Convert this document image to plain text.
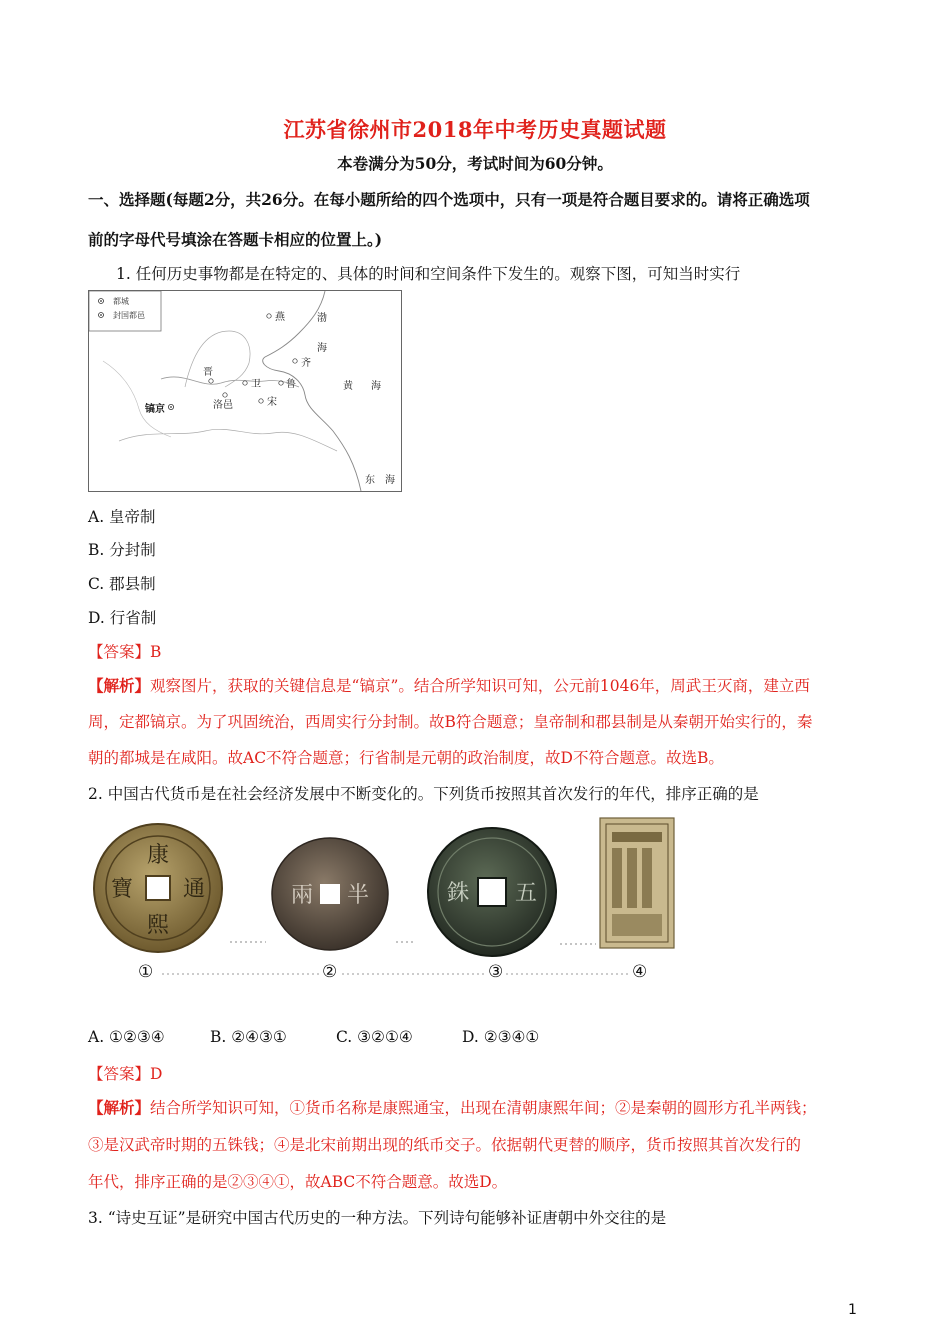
江苏省徐州市2018年中考历史真题试题
本卷满分为50分，考试时间为60分钟。
一、选择题(每题2分，共26分。在每小题所给的四个选项中，只有一项是符合题目要求的。请将正确选项
前的字母代号填涂在答题卡相应的位置上。)
1. 任何历史事物都是在特定的、具体的时间和空间条件下发生的。观察下图，可知当时实行
都城
封国都邑	燕
齐
晋
卫	鲁
洛邑	宋
镐京
渤
海
黄 海
东 海
A. 皇帝制
B. 分封制
C. 郡县制
D. 行省制
【答案】B
【解析】观察图片，获取的关键信息是“镐京”。结合所学知识可知，公元前1046年，周武王灭商，建立西
周，定都镐京。为了巩固统治，西周实行分封制。故B符合题意；皇帝制和郡县制是从秦朝开始实行的，秦
朝的都城是在咸阳。故AC不符合题意；行省制是元朝的政治制度，故D不符合题意。故选B。
2. 中国古代货币是在社会经济发展中不断变化的。下列货币按照其首次发行的年代，排序正确的是
康
通
熙
寶	半
兩	五
銖
①	②	③	④
A. ①②③④	B. ②④③①	C. ③②①④	D. ②③④①
【答案】D
【解析】结合所学知识可知，①货币名称是康熙通宝，出现在清朝康熙年间；②是秦朝的圆形方孔半两钱；
③是汉武帝时期的五铢钱；④是北宋前期出现的纸币交子。依据朝代更替的顺序，货币按照其首次发行的
年代，排序正确的是②③④①，故ABC不符合题意。故选D。
3. “诗史互证”是研究中国古代历史的一种方法。下列诗句能够补证唐朝中外交往的是
1
